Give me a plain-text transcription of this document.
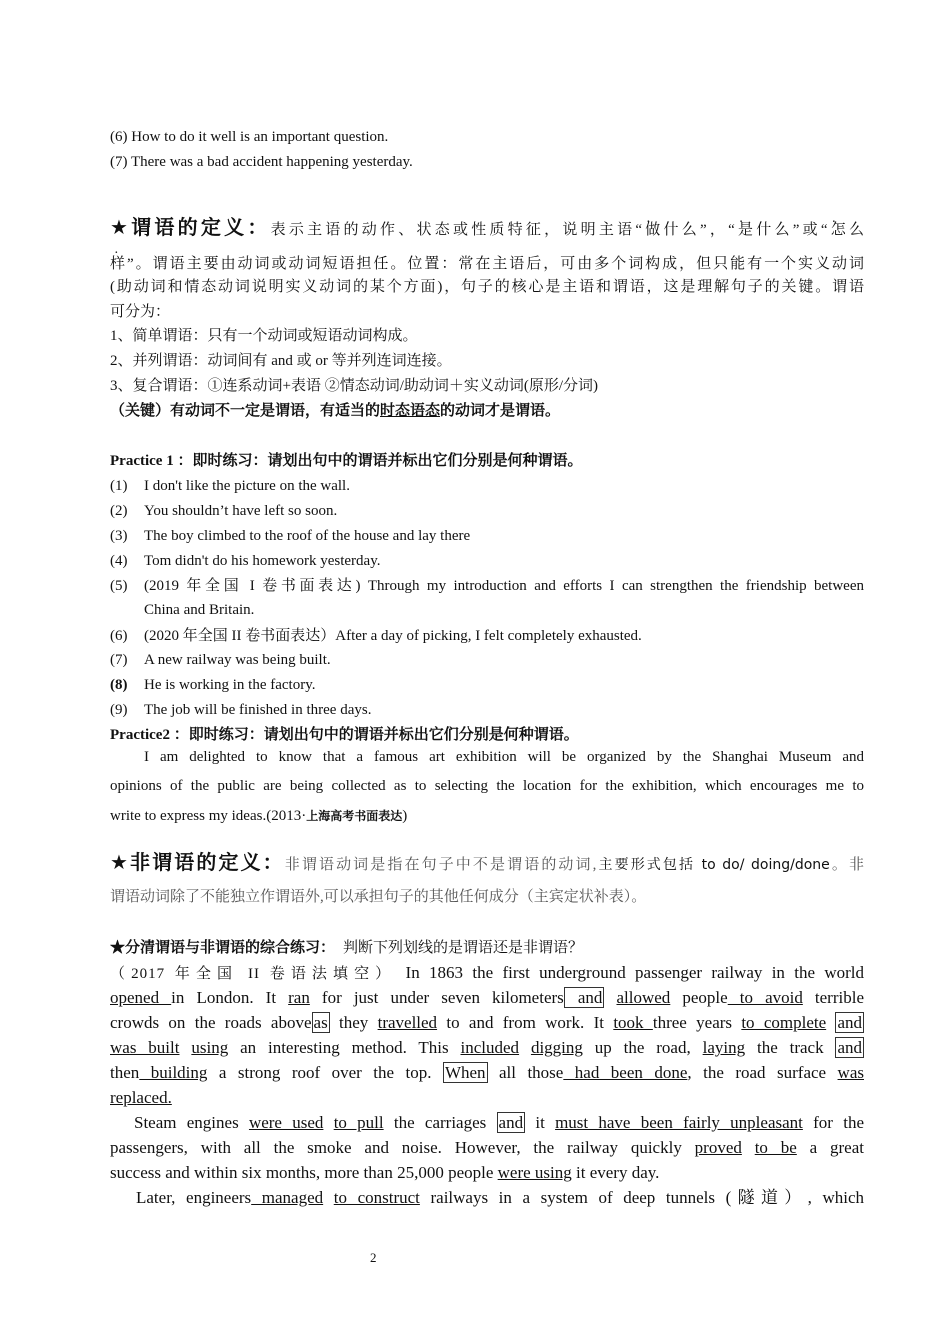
(6) How to do it well is an important question.
(7) There was a bad accident happening yesterday.
★谓语的定义：表示主语的动作、状态或性质特征，说明主语“做什么”，“是什么”或“怎么
样”。谓语主要由动词或动词短语担任。位置：常在主语后，可由多个词构成，但只能有一个实义动词
(助动词和情态动词说明实义动词的某个方面)，句子的核心是主语和谓语，这是理解句子的关键。谓语
可分为：
1、简单谓语：只有一个动词或短语动词构成。
2、并列谓语：动词间有 and 或 or 等并列连词连接。
3、复合谓语：①连系动词+表语 ②情态动词/助动词＋实义动词(原形/分词)
（关键）有动词不一定是谓语，有适当的时态语态的动词才是谓语。
Practice 1 ：即时练习：请划出句中的谓语并标出它们分别是何种谓语。
(1) I don't like the picture on the wall.
(2) You shouldn’t have left so soon.
(3) The boy climbed to the roof of the house and lay there
(4) Tom didn't do his homework yesterday.
(5) (2019 年全国 I 卷书面表达) Through my introduction and efforts I can strengthen the friendship between
China and Britain.
(6) (2020 年全国 II 卷书面表达）After a day of picking, I felt completely exhausted.
(7) A new railway was being built.
(8) He is working in the factory.
(9) The job will be finished in three days.
Practice2 ：即时练习：请划出句中的谓语并标出它们分别是何种谓语。
I am delighted to know that a famous art exhibition will be organized by the Shanghai Museum and
opinions of the public are being collected as to selecting the location for the exhibition, which encourages me to
write to express my ideas.(2013·上海高考书面表达)
★非谓语的定义：非谓语动词是指在句子中不是谓语的动词,主要形式包括 to do/ doing/done。非
谓语动词除了不能独立作谓语外,可以承担句子的其他任何成分（主宾定状补表）。
★分清谓语与非谓语的综合练习： 判断下列划线的是谓语还是非谓语？
（2017 年全国 II 卷语法填空） In 1863 the first underground passenger railway in the world
opened in London. It ran for just under seven kilometers and allowed people to avoid terrible
crowds on the roads above as they travelled to and from work. It took three years to complete and
was built using an interesting method. This included digging up the road, laying the track and
then building a strong roof over the top. When all those had been done, the road surface was
replaced.
Steam engines were used to pull the carriages and it must have been fairly unpleasant for the
passengers, with all the smoke and noise. However, the railway quickly proved to be a great
success and within six months, more than 25,000 people were using it every day.
Later, engineers managed to construct railways in a system of deep tunnels (隧道）, which
2
